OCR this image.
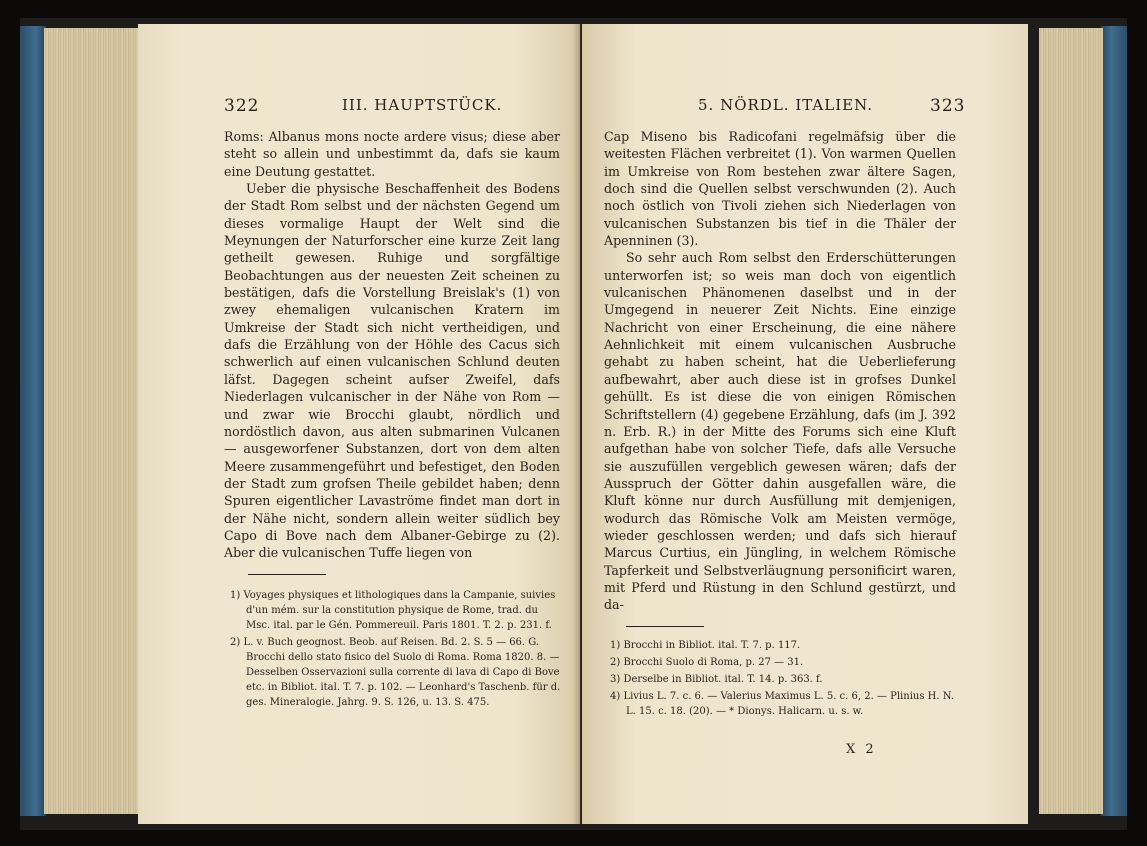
322	III. HAUPTSTÜCK.

Roms: Albanus mons nocte ardere visus; diese aber steht so allein und unbestimmt da, dafs sie kaum eine Deutung gestattet.

Ueber die physische Beschaffenheit des Bodens der Stadt Rom selbst und der nächsten Gegend um dieses vormalige Haupt der Welt sind die Meynungen der Naturforscher eine kurze Zeit lang getheilt gewesen. Ruhige und sorgfältige Beobachtungen aus der neuesten Zeit scheinen zu bestätigen, dafs die Vorstellung Breislak's (1) von zwey ehemaligen vulcanischen Kratern im Umkreise der Stadt sich nicht vertheidigen, und dafs die Erzählung von der Höhle des Cacus sich schwerlich auf einen vulcanischen Schlund deuten läfst. Dagegen scheint aufser Zweifel, dafs Niederlagen vulcanischer in der Nähe von Rom — und zwar wie Brocchi glaubt, nördlich und nordöstlich davon, aus alten submarinen Vulcanen — ausgeworfener Substanzen, dort von dem alten Meere zusammengeführt und befestiget, den Boden der Stadt zum grofsen Theile gebildet haben; denn Spuren eigentlicher Lavaströme findet man dort in der Nähe nicht, sondern allein weiter südlich bey Capo di Bove nach dem Albaner-Gebirge zu (2). Aber die vulcanischen Tuffe liegen von

1) Voyages physiques et lithologiques dans la Campanie, suivies d'un mém. sur la constitution physique de Rome, trad. du Msc. ital. par le Gén. Pommereuil. Paris 1801. T. 2. p. 231. f.

2) L. v. Buch geognost. Beob. auf Reisen. Bd. 2. S. 5 — 66. G. Brocchi dello stato fisico del Suolo di Roma. Roma 1820. 8. — Desselben Osservazioni sulla corrente di lava di Capo di Bove etc. in Bibliot. ital. T. 7. p. 102. — Leonhard's Taschenb. für d. ges. Mineralogie. Jahrg. 9. S. 126, u. 13. S. 475.

5. NÖRDL. ITALIEN.	323

Cap Miseno bis Radicofani regelmäfsig über die weitesten Flächen verbreitet (1). Von warmen Quellen im Umkreise von Rom bestehen zwar ältere Sagen, doch sind die Quellen selbst verschwunden (2). Auch noch östlich von Tivoli ziehen sich Niederlagen von vulcanischen Substanzen bis tief in die Thäler der Apenninen (3).

So sehr auch Rom selbst den Erderschütterungen unterworfen ist; so weis man doch von eigentlich vulcanischen Phänomenen daselbst und in der Umgegend in neuerer Zeit Nichts. Eine einzige Nachricht von einer Erscheinung, die eine nähere Aehnlichkeit mit einem vulcanischen Ausbruche gehabt zu haben scheint, hat die Ueberlieferung aufbewahrt, aber auch diese ist in grofses Dunkel gehüllt. Es ist diese die von einigen Römischen Schriftstellern (4) gegebene Erzählung, dafs (im J. 392 n. Erb. R.) in der Mitte des Forums sich eine Kluft aufgethan habe von solcher Tiefe, dafs alle Versuche sie auszufüllen vergeblich gewesen wären; dafs der Ausspruch der Götter dahin ausgefallen wäre, die Kluft könne nur durch Ausfüllung mit demjenigen, wodurch das Römische Volk am Meisten vermöge, wieder geschlossen werden; und dafs sich hierauf Marcus Curtius, ein Jüngling, in welchem Römische Tapferkeit und Selbstverläugnung personificirt waren, mit Pferd und Rüstung in den Schlund gestürzt, und da-

1) Brocchi in Bibliot. ital. T. 7. p. 117.

2) Brocchi Suolo di Roma, p. 27 — 31.

3) Derselbe in Bibliot. ital. T. 14. p. 363. f.

4) Livius L. 7. c. 6. — Valerius Maximus L. 5. c. 6, 2. — Plinius H. N. L. 15. c. 18. (20). — * Dionys. Halicarn. u. s. w.

X 2
